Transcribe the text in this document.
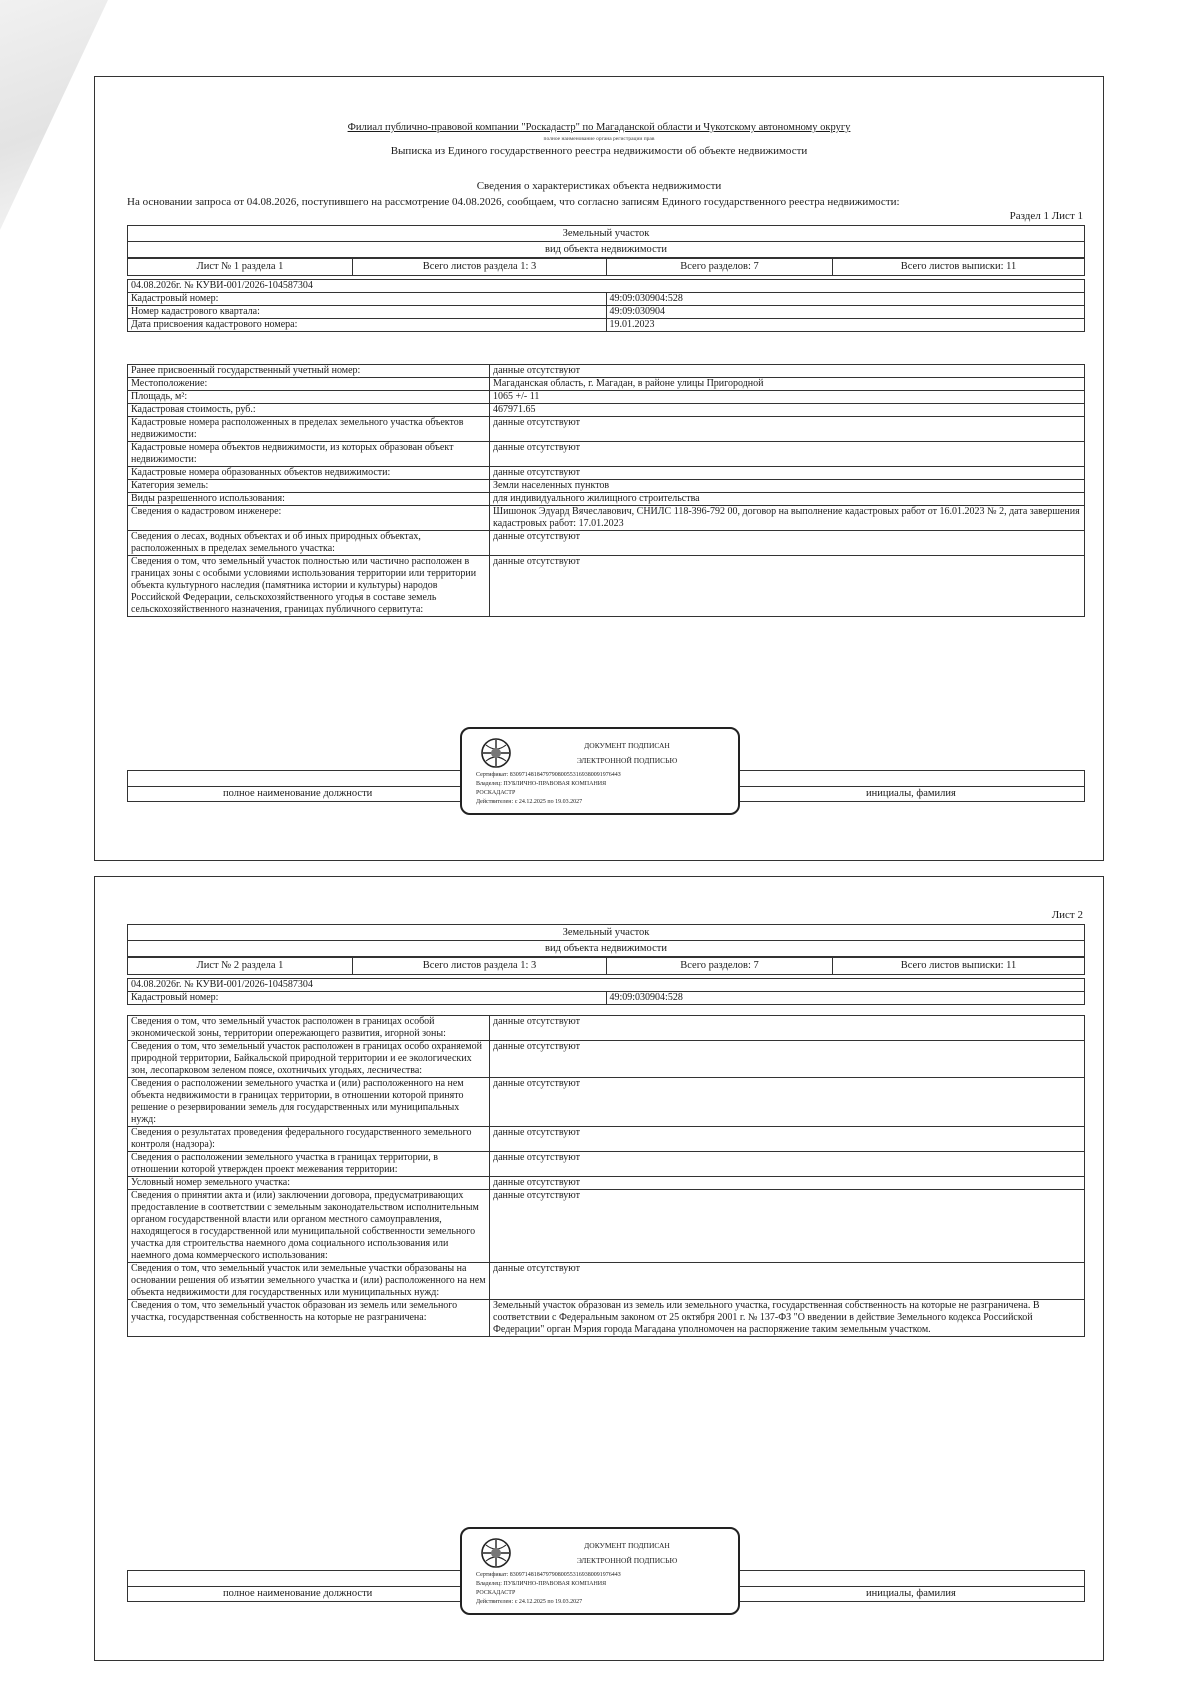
Филиал публично-правовой компании "Роскадастр" по Магаданской области и Чукотскому автономному округу
полное наименование органа регистрации прав
Выписка из Единого государственного реестра недвижимости об объекте недвижимости
Сведения о характеристиках объекта недвижимости
На основании запроса от 04.08.2026, поступившего на рассмотрение 04.08.2026, сообщаем, что согласно записям Единого государственного реестра недвижимости:
Раздел 1 Лист 1
Земельный участок
вид объекта недвижимости
Лист № 1 раздела 1	Всего листов раздела 1: 3	Всего разделов: 7	Всего листов выписки: 11
04.08.2026г. № КУВИ-001/2026-104587304	
Кадастровый номер:	49:09:030904:528
Номер кадастрового квартала:	49:09:030904
Дата присвоения кадастрового номера:	19.01.2023
Ранее присвоенный государственный учетный номер:	данные отсутствуют
Местоположение:	Магаданская область, г. Магадан, в районе улицы Пригородной
Площадь, м²:	1065 +/- 11
Кадастровая стоимость, руб.:	467971.65
Кадастровые номера расположенных в пределах земельного участка объектов недвижимости:	данные отсутствуют
Кадастровые номера объектов недвижимости, из которых образован объект недвижимости:	данные отсутствуют
Кадастровые номера образованных объектов недвижимости:	данные отсутствуют
Категория земель:	Земли населенных пунктов
Виды разрешенного использования:	для индивидуального жилищного строительства
Сведения о кадастровом инженере:	Шишонок Эдуард Вячеславович, СНИЛС 118-396-792 00, договор на выполнение кадастровых работ от 16.01.2023 № 2, дата завершения кадастровых работ: 17.01.2023
Сведения о лесах, водных объектах и об иных природных объектах, расположенных в пределах земельного участка:	данные отсутствуют
Сведения о том, что земельный участок полностью или частично расположен в границах зоны с особыми условиями использования территории или территории объекта культурного наследия (памятника истории и культуры) народов Российской Федерации, сельскохозяйственного угодья в составе земель сельскохозяйственного назначения, границах публичного сервитута:	данные отсутствуют
полное наименование должности	инициалы, фамилия
ДОКУМЕНТ ПОДПИСАН
ЭЛЕКТРОННОЙ ПОДПИСЬЮ
Сертификат: 830971481847979080055316938009197644З
Владелец: ПУБЛИЧНО-ПРАВОВАЯ КОМПАНИЯ
РОСКАДАСТР
Действителен: с 24.12.2025 по 19.03.2027
Лист 2
Земельный участок
вид объекта недвижимости
Лист № 2 раздела 1	Всего листов раздела 1: 3	Всего разделов: 7	Всего листов выписки: 11
04.08.2026г. № КУВИ-001/2026-104587304
Кадастровый номер:	49:09:030904:528
Сведения о том, что земельный участок расположен в границах особой экономической зоны, территории опережающего развития, игорной зоны:	данные отсутствуют
Сведения о том, что земельный участок расположен в границах особо охраняемой природной территории, Байкальской природной территории и ее экологических зон, лесопарковом зеленом поясе, охотничьих угодьях, лесничества:	данные отсутствуют
Сведения о расположении земельного участка и (или) расположенного на нем объекта недвижимости в границах территории, в отношении которой принято решение о резервировании земель для государственных или муниципальных нужд:	данные отсутствуют
Сведения о результатах проведения федерального государственного земельного контроля (надзора):	данные отсутствуют
Сведения о расположении земельного участка в границах территории, в отношении которой утвержден проект межевания территории:	данные отсутствуют
Условный номер земельного участка:	данные отсутствуют
Сведения о принятии акта и (или) заключении договора, предусматривающих предоставление в соответствии с земельным законодательством исполнительным органом государственной власти или органом местного самоуправления, находящегося в государственной или муниципальной собственности земельного участка для строительства наемного дома социального использования или наемного дома коммерческого использования:	данные отсутствуют
Сведения о том, что земельный участок или земельные участки образованы на основании решения об изъятии земельного участка и (или) расположенного на нем объекта недвижимости для государственных или муниципальных нужд:	данные отсутствуют
Сведения о том, что земельный участок образован из земель или земельного участка, государственная собственность на которые не разграничена:	Земельный участок образован из земель или земельного участка, государственная собственность на которые не разграничена. В соответствии с Федеральным законом от 25 октября 2001 г. № 137-ФЗ "О введении в действие Земельного кодекса Российской Федерации" орган Мэрия города Магадана уполномочен на распоряжение таким земельным участком.
полное наименование должности	инициалы, фамилия
ДОКУМЕНТ ПОДПИСАН
ЭЛЕКТРОННОЙ ПОДПИСЬЮ
Сертификат: 830971481847979080055316938009197644З
Владелец: ПУБЛИЧНО-ПРАВОВАЯ КОМПАНИЯ
РОСКАДАСТР
Действителен: с 24.12.2025 по 19.03.2027
